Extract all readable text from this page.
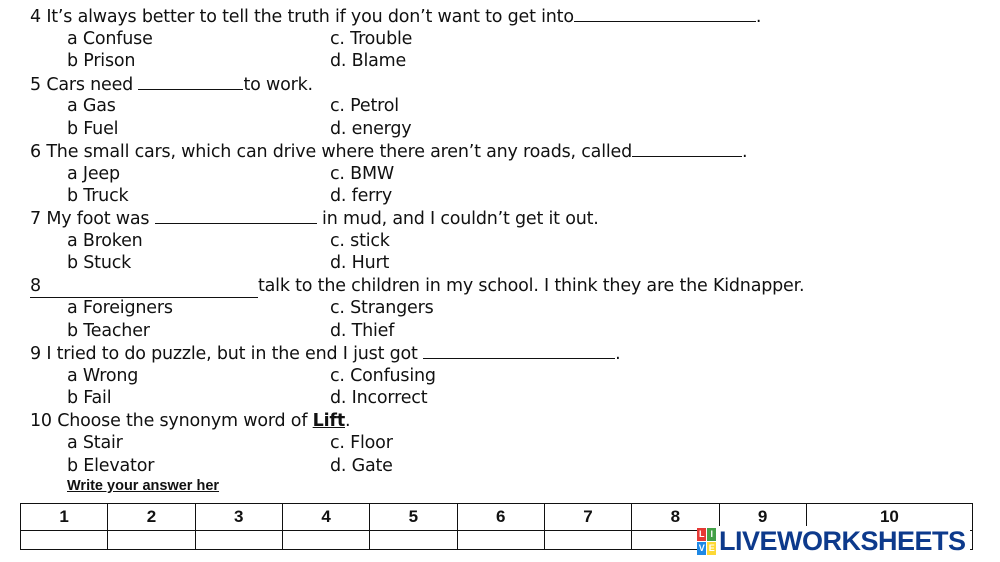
4 It’s always better to tell the truth if you don’t want to get into	.
a Confuse	c. Trouble
b Prison	d. Blame
5 Cars need	to work.
a Gas	c. Petrol
b Fuel	d. energy
6 The small cars, which can drive where there aren’t any roads, called	.
a Jeep	c. BMW
b Truck	d. ferry
7 My foot was	in mud, and I couldn’t get it out.
a Broken	c. stick
b Stuck	d. Hurt
8	talk to the children in my school. I think they are the Kidnapper.
a Foreigners	c. Strangers
b Teacher	d. Thief
9 I tried to do puzzle, but in the end I just got	.
a Wrong	c. Confusing
b Fail	d. Incorrect
10 Choose the synonym word of Lift.
a Stair	c. Floor
b Elevator	d. Gate
Write your answer her
1	2	3	4	5	6	7	8	9	10

L I
V E LIVEWORKSHEETS
